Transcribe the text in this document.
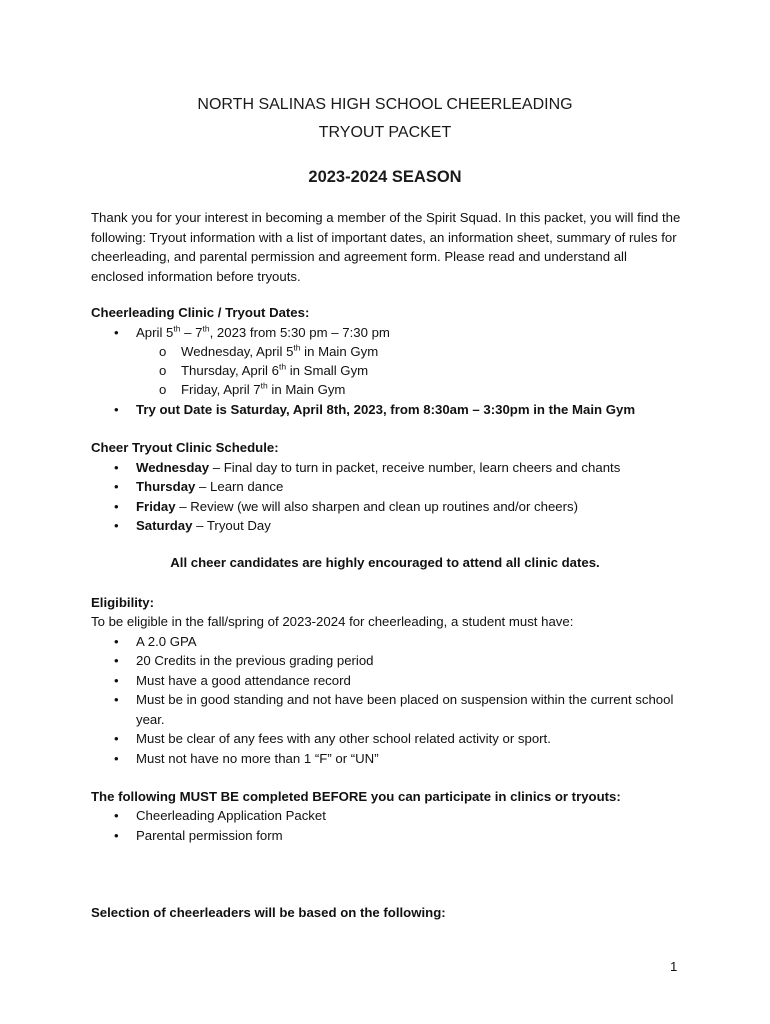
NORTH SALINAS HIGH SCHOOL CHEERLEADING
TRYOUT PACKET
2023-2024 SEASON
Thank you for your interest in becoming a member of the Spirit Squad. In this packet, you will find the following: Tryout information with a list of important dates, an information sheet, summary of rules for cheerleading, and parental permission and agreement form. Please read and understand all enclosed information before tryouts.
Cheerleading Clinic / Tryout Dates:
• April 5th – 7th, 2023 from 5:30 pm – 7:30 pm
o Wednesday, April 5th in Main Gym
o Thursday, April 6th in Small Gym
o Friday, April 7th in Main Gym
• Try out Date is Saturday, April 8th, 2023, from 8:30am – 3:30pm in the Main Gym
Cheer Tryout Clinic Schedule:
• Wednesday – Final day to turn in packet, receive number, learn cheers and chants
• Thursday – Learn dance
• Friday – Review (we will also sharpen and clean up routines and/or cheers)
• Saturday – Tryout Day
All cheer candidates are highly encouraged to attend all clinic dates.
Eligibility:
To be eligible in the fall/spring of 2023-2024 for cheerleading, a student must have:
• A 2.0 GPA
• 20 Credits in the previous grading period
• Must have a good attendance record
• Must be in good standing and not have been placed on suspension within the current school year.
• Must be clear of any fees with any other school related activity or sport.
• Must not have no more than 1 “F” or “UN”
The following MUST BE completed BEFORE you can participate in clinics or tryouts:
• Cheerleading Application Packet
• Parental permission form
Selection of cheerleaders will be based on the following:
1
